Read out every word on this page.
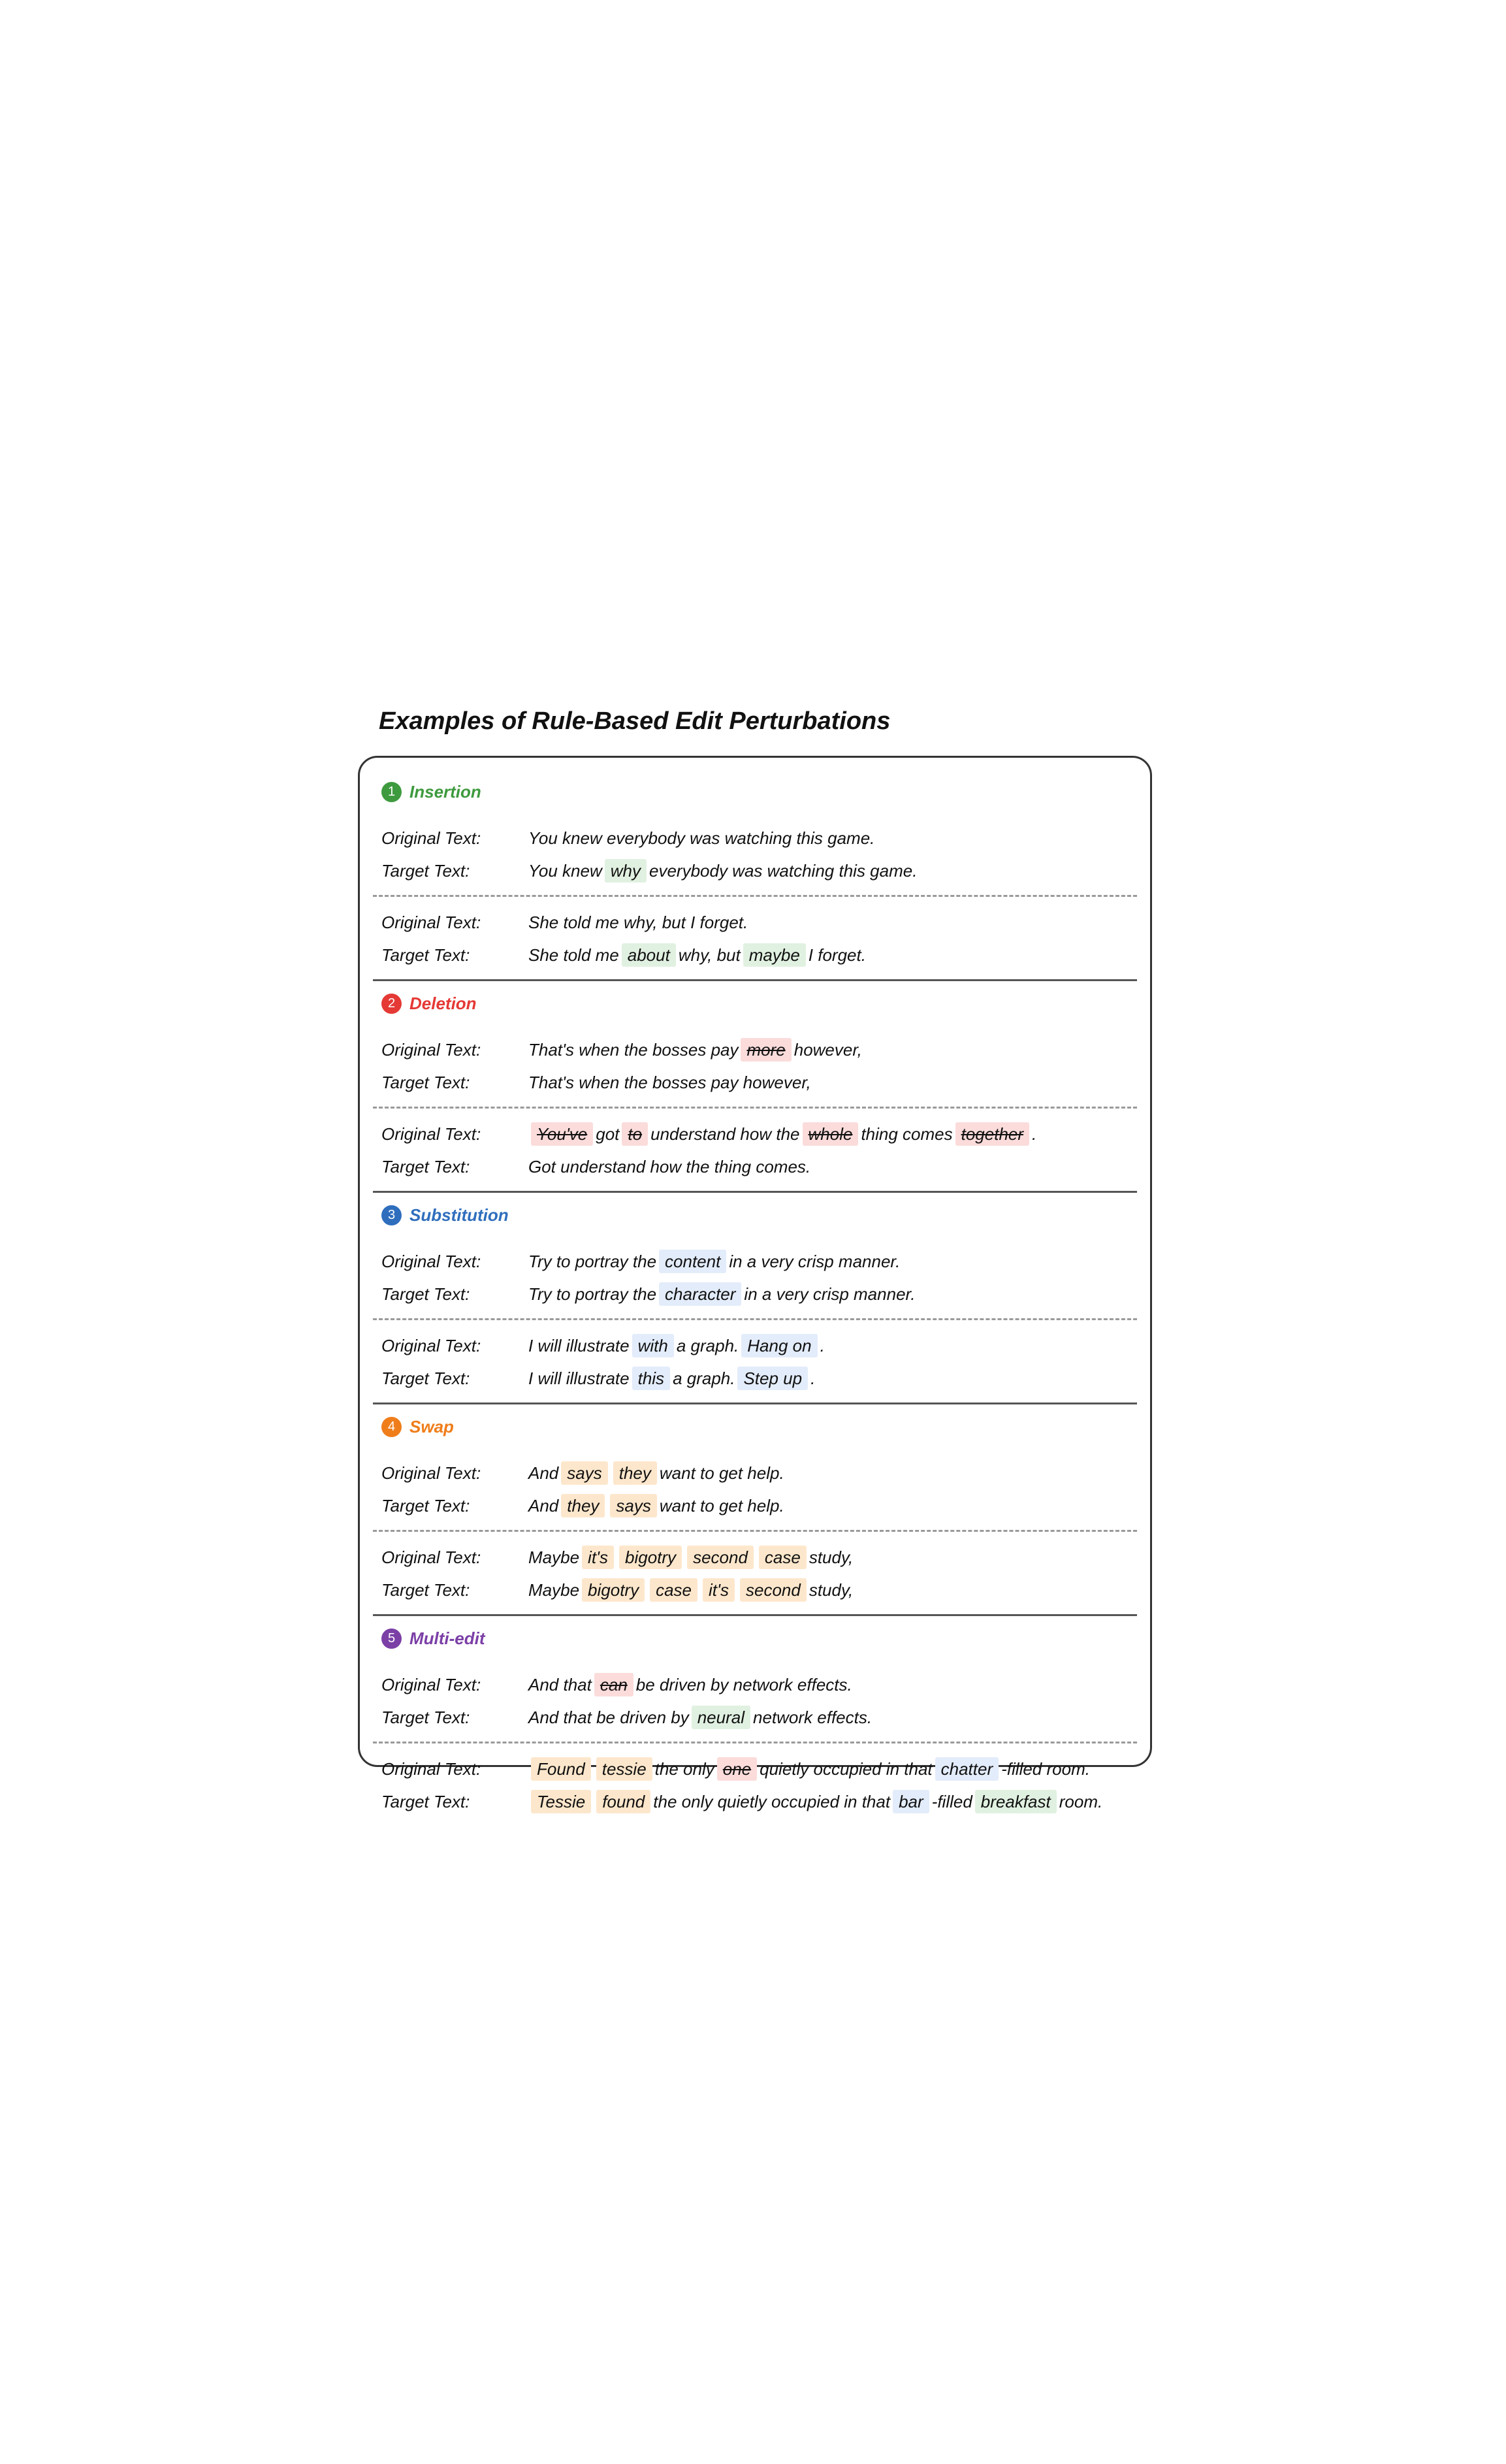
Examples of Rule-Based Edit Perturbations
1 Insertion
Original Text:	You knew everybody was watching this game.
Target Text:	You knew why everybody was watching this game.
Original Text:	She told me why, but I forget.
Target Text:	She told me about why, but maybe I forget.
2 Deletion
Original Text:	That's when the bosses pay more however,
Target Text:	That's when the bosses pay however,
Original Text:	You've got to understand how the whole thing comes together .
Target Text:	Got understand how the thing comes.
3 Substitution
Original Text:	Try to portray the content in a very crisp manner.
Target Text:	Try to portray the character in a very crisp manner.
Original Text:	I will illustrate with a graph. Hang on .
Target Text:	I will illustrate this a graph. Step up .
4 Swap
Original Text:	And says	they want to get help.
Target Text:	And they	says want to get help.
Original Text:	Maybe it's	bigotry	second	case study,
Target Text:	Maybe bigotry	case	it's	second study,
5 Multi-edit
Original Text:	And that can be driven by network effects.
Target Text:	And that be driven by neural network effects.
Original Text:	Found	tessie the only one quietly occupied in that chatter -filled room.
Target Text:	Tessie	found the only quietly occupied in that bar -filled breakfast room.
